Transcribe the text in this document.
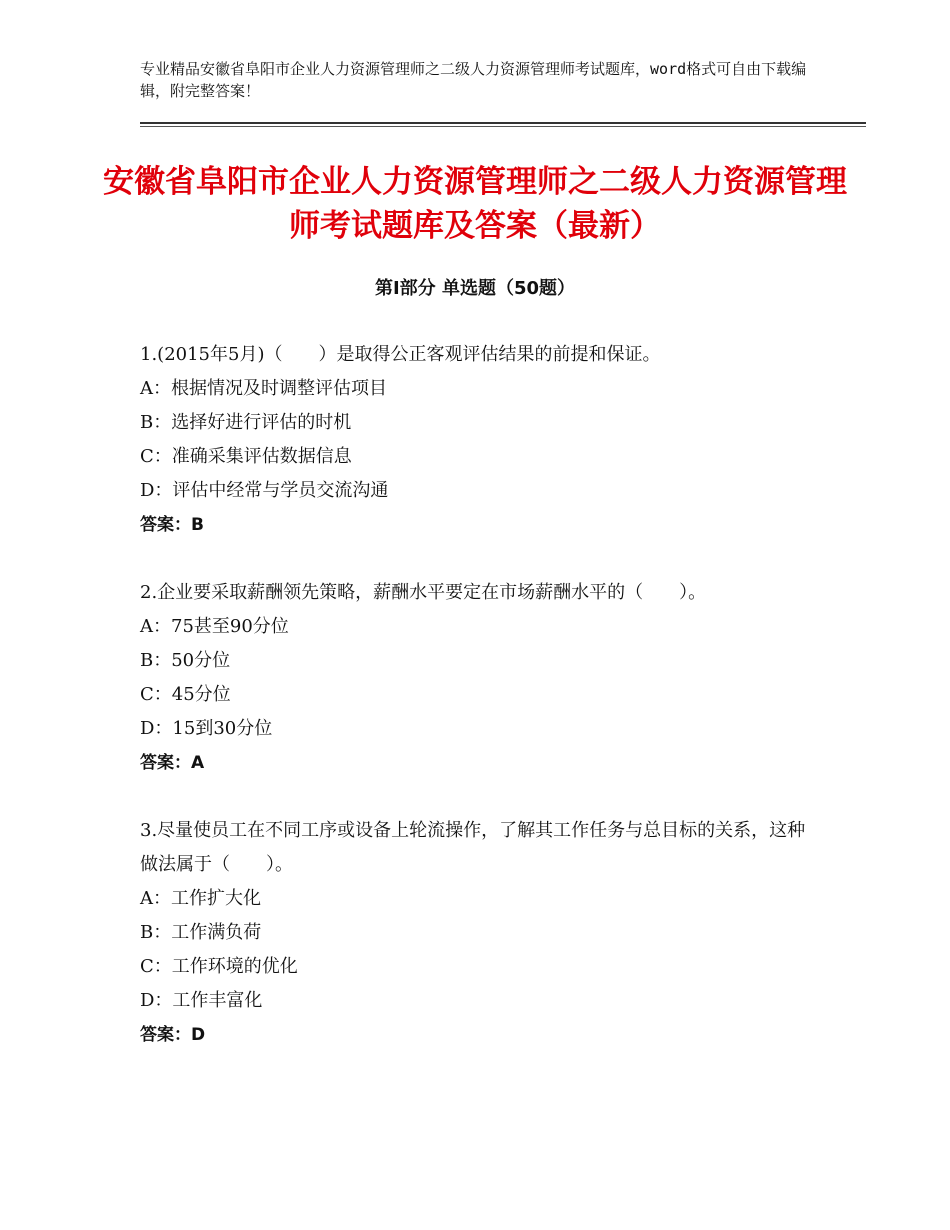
专业精品安徽省阜阳市企业人力资源管理师之二级人力资源管理师考试题库，word格式可自由下载编辑，附完整答案！
安徽省阜阳市企业人力资源管理师之二级人力资源管理师考试题库及答案（最新）
第Ⅰ部分 单选题（50题）

1.(2015年5月)（　　）是取得公正客观评估结果的前提和保证。

A：根据情况及时调整评估项目

B：选择好进行评估的时机

C：准确采集评估数据信息

D：评估中经常与学员交流沟通

答案：B

2.企业要采取薪酬领先策略，薪酬水平要定在市场薪酬水平的（　　）。

A：75甚至90分位

B：50分位

C：45分位

D：15到30分位

答案：A

3.尽量使员工在不同工序或设备上轮流操作，了解其工作任务与总目标的关系，这种做法属于（　　）。

A：工作扩大化

B：工作满负荷

C：工作环境的优化

D：工作丰富化

答案：D
